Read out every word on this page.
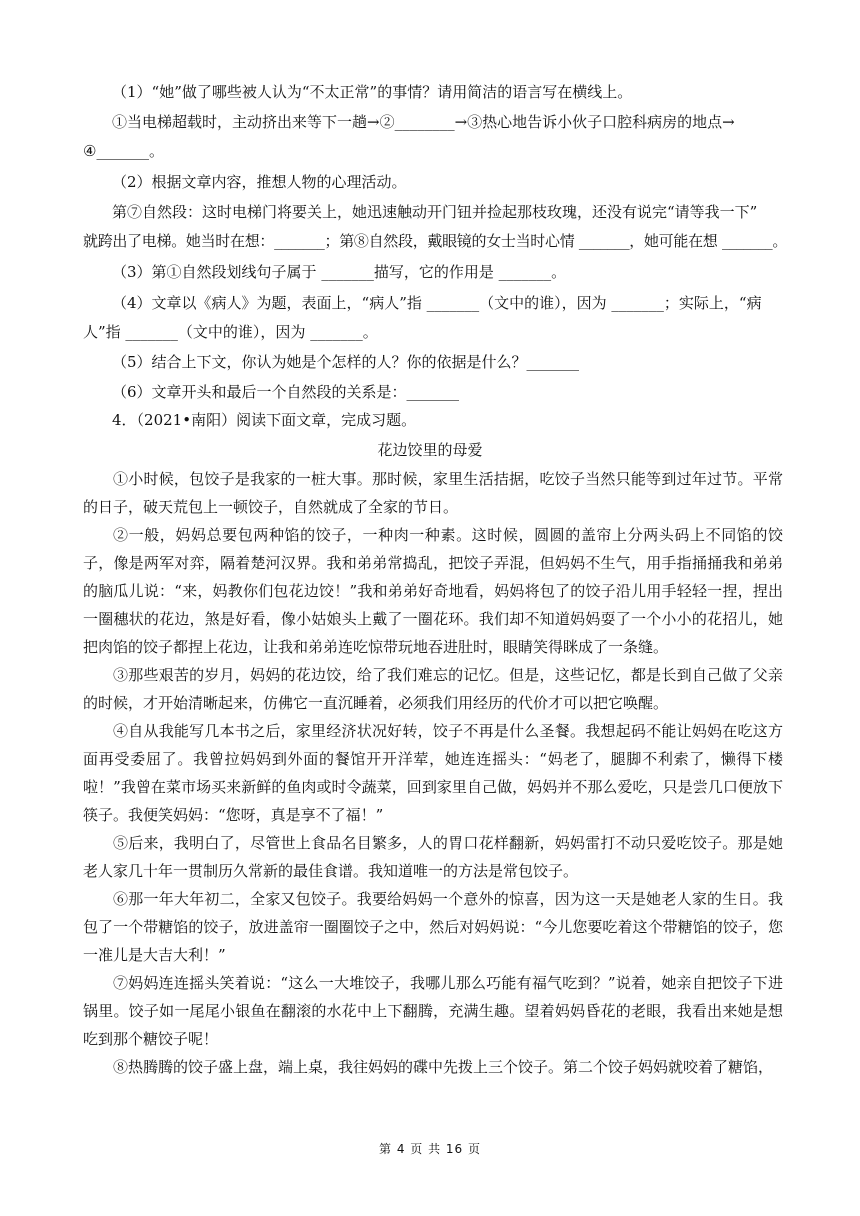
（1）“她”做了哪些被人认为“不太正常”的事情？请用简洁的语言写在横线上。
①当电梯超载时，主动挤出来等下一趟→②________→③热心地告诉小伙子口腔科病房的地点→
④_______。
（2）根据文章内容，推想人物的心理活动。
第⑦自然段：这时电梯门将要关上，她迅速触动开门钮并捡起那枝玫瑰，还没有说完“请等我一下”
就跨出了电梯。她当时在想：_______；第⑧自然段，戴眼镜的女士当时心情 _______，她可能在想 _______。
（3）第①自然段划线句子属于 _______描写，它的作用是 _______。
（4）文章以《病人》为题，表面上，“病人”指 _______（文中的谁），因为 _______；实际上，“病
人”指 _______（文中的谁），因为 _______。
（5）结合上下文，你认为她是个怎样的人？你的依据是什么？_______
（6）文章开头和最后一个自然段的关系是：_______
4．（2021•南阳）阅读下面文章，完成习题。
花边饺里的母爱

①小时候，包饺子是我家的一桩大事。那时候，家里生活拮据，吃饺子当然只能等到过年过节。平常的日子，破天荒包上一顿饺子，自然就成了全家的节日。

②一般，妈妈总要包两种馅的饺子，一种肉一种素。这时候，圆圆的盖帘上分两头码上不同馅的饺子，像是两军对弈，隔着楚河汉界。我和弟弟常捣乱，把饺子弄混，但妈妈不生气，用手指捅捅我和弟弟的脑瓜儿说：“来，妈教你们包花边饺！”我和弟弟好奇地看，妈妈将包了的饺子沿儿用手轻轻一捏，捏出一圈穗状的花边，煞是好看，像小姑娘头上戴了一圈花环。我们却不知道妈妈耍了一个小小的花招儿，她把肉馅的饺子都捏上花边，让我和弟弟连吃惊带玩地吞进肚时，眼睛笑得眯成了一条缝。

③那些艰苦的岁月，妈妈的花边饺，给了我们难忘的记忆。但是，这些记忆，都是长到自己做了父亲的时候，才开始清晰起来，仿佛它一直沉睡着，必须我们用经历的代价才可以把它唤醒。

④自从我能写几本书之后，家里经济状况好转，饺子不再是什么圣餐。我想起码不能让妈妈在吃这方面再受委屈了。我曾拉妈妈到外面的餐馆开开洋荤，她连连摇头：“妈老了，腿脚不利索了，懒得下楼啦！”我曾在菜市场买来新鲜的鱼肉或时令蔬菜，回到家里自己做，妈妈并不那么爱吃，只是尝几口便放下筷子。我便笑妈妈：“您呀，真是享不了福！”

⑤后来，我明白了，尽管世上食品名目繁多，人的胃口花样翻新，妈妈雷打不动只爱吃饺子。那是她老人家几十年一贯制历久常新的最佳食谱。我知道唯一的方法是常包饺子。

⑥那一年大年初二，全家又包饺子。我要给妈妈一个意外的惊喜，因为这一天是她老人家的生日。我包了一个带糖馅的饺子，放进盖帘一圈圈饺子之中，然后对妈妈说：“今儿您要吃着这个带糖馅的饺子，您一准儿是大吉大利！”

⑦妈妈连连摇头笑着说：“这么一大堆饺子，我哪儿那么巧能有福气吃到？”说着，她亲自把饺子下进锅里。饺子如一尾尾小银鱼在翻滚的水花中上下翻腾，充满生趣。望着妈妈昏花的老眼，我看出来她是想吃到那个糖饺子呢！

⑧热腾腾的饺子盛上盘，端上桌，我往妈妈的碟中先拨上三个饺子。第二个饺子妈妈就咬着了糖馅，

第 4 页 共 16 页
